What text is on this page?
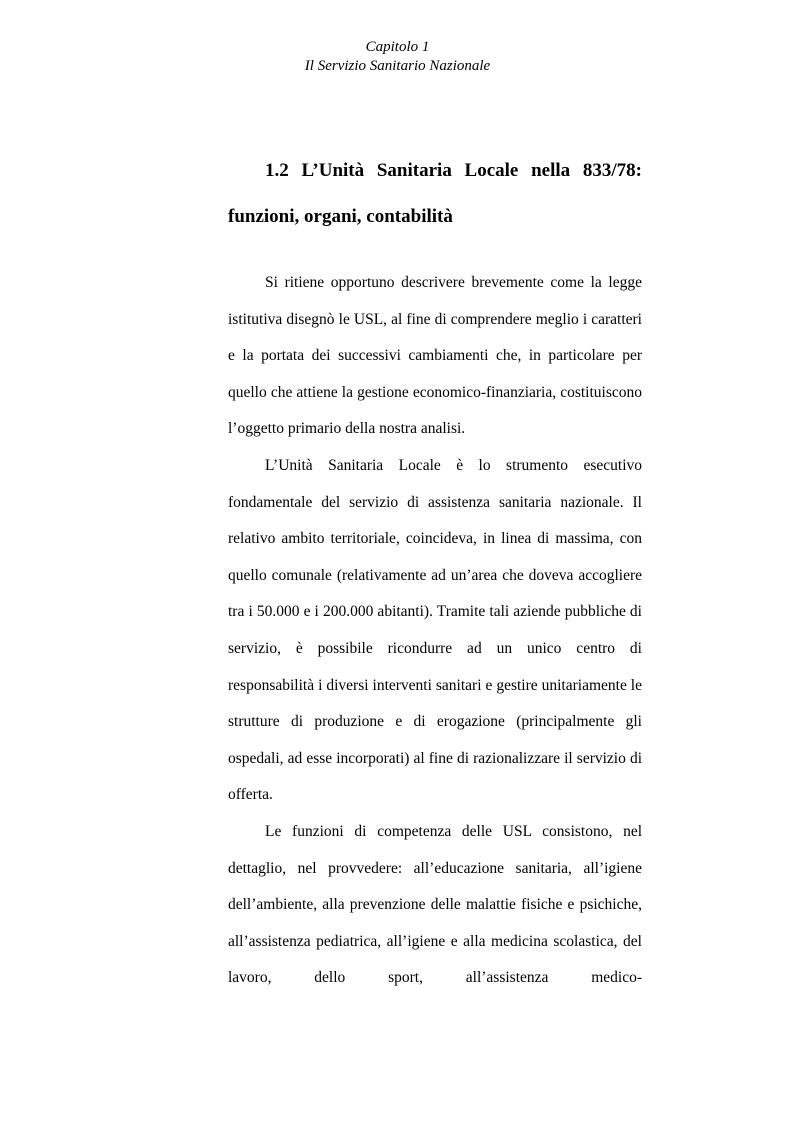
Capitolo 1
Il Servizio Sanitario Nazionale
1.2 L’Unità Sanitaria Locale nella 833/78:
funzioni, organi, contabilità

Si ritiene opportuno descrivere brevemente come la legge istitutiva disegnò le USL, al fine di comprendere meglio i caratteri e la portata dei successivi cambiamenti che, in particolare per quello che attiene la gestione economico-finanziaria, costituiscono l’oggetto primario della nostra analisi.

L’Unità Sanitaria Locale è lo strumento esecutivo fondamentale del servizio di assistenza sanitaria nazionale. Il relativo ambito territoriale, coincideva, in linea di massima, con quello comunale (relativamente ad un’area che doveva accogliere tra i 50.000 e i 200.000 abitanti). Tramite tali aziende pubbliche di servizio, è possibile ricondurre ad un unico centro di responsabilità i diversi interventi sanitari e gestire unitariamente le strutture di produzione e di erogazione (principalmente gli ospedali, ad esse incorporati) al fine di razionalizzare il servizio di offerta.

Le funzioni di competenza delle USL consistono, nel dettaglio, nel provvedere: all’educazione sanitaria, all’igiene dell’ambiente, alla prevenzione delle malattie fisiche e psichiche, all’assistenza pediatrica, all’igiene e alla medicina scolastica, del lavoro, dello sport, all’assistenza medico-
